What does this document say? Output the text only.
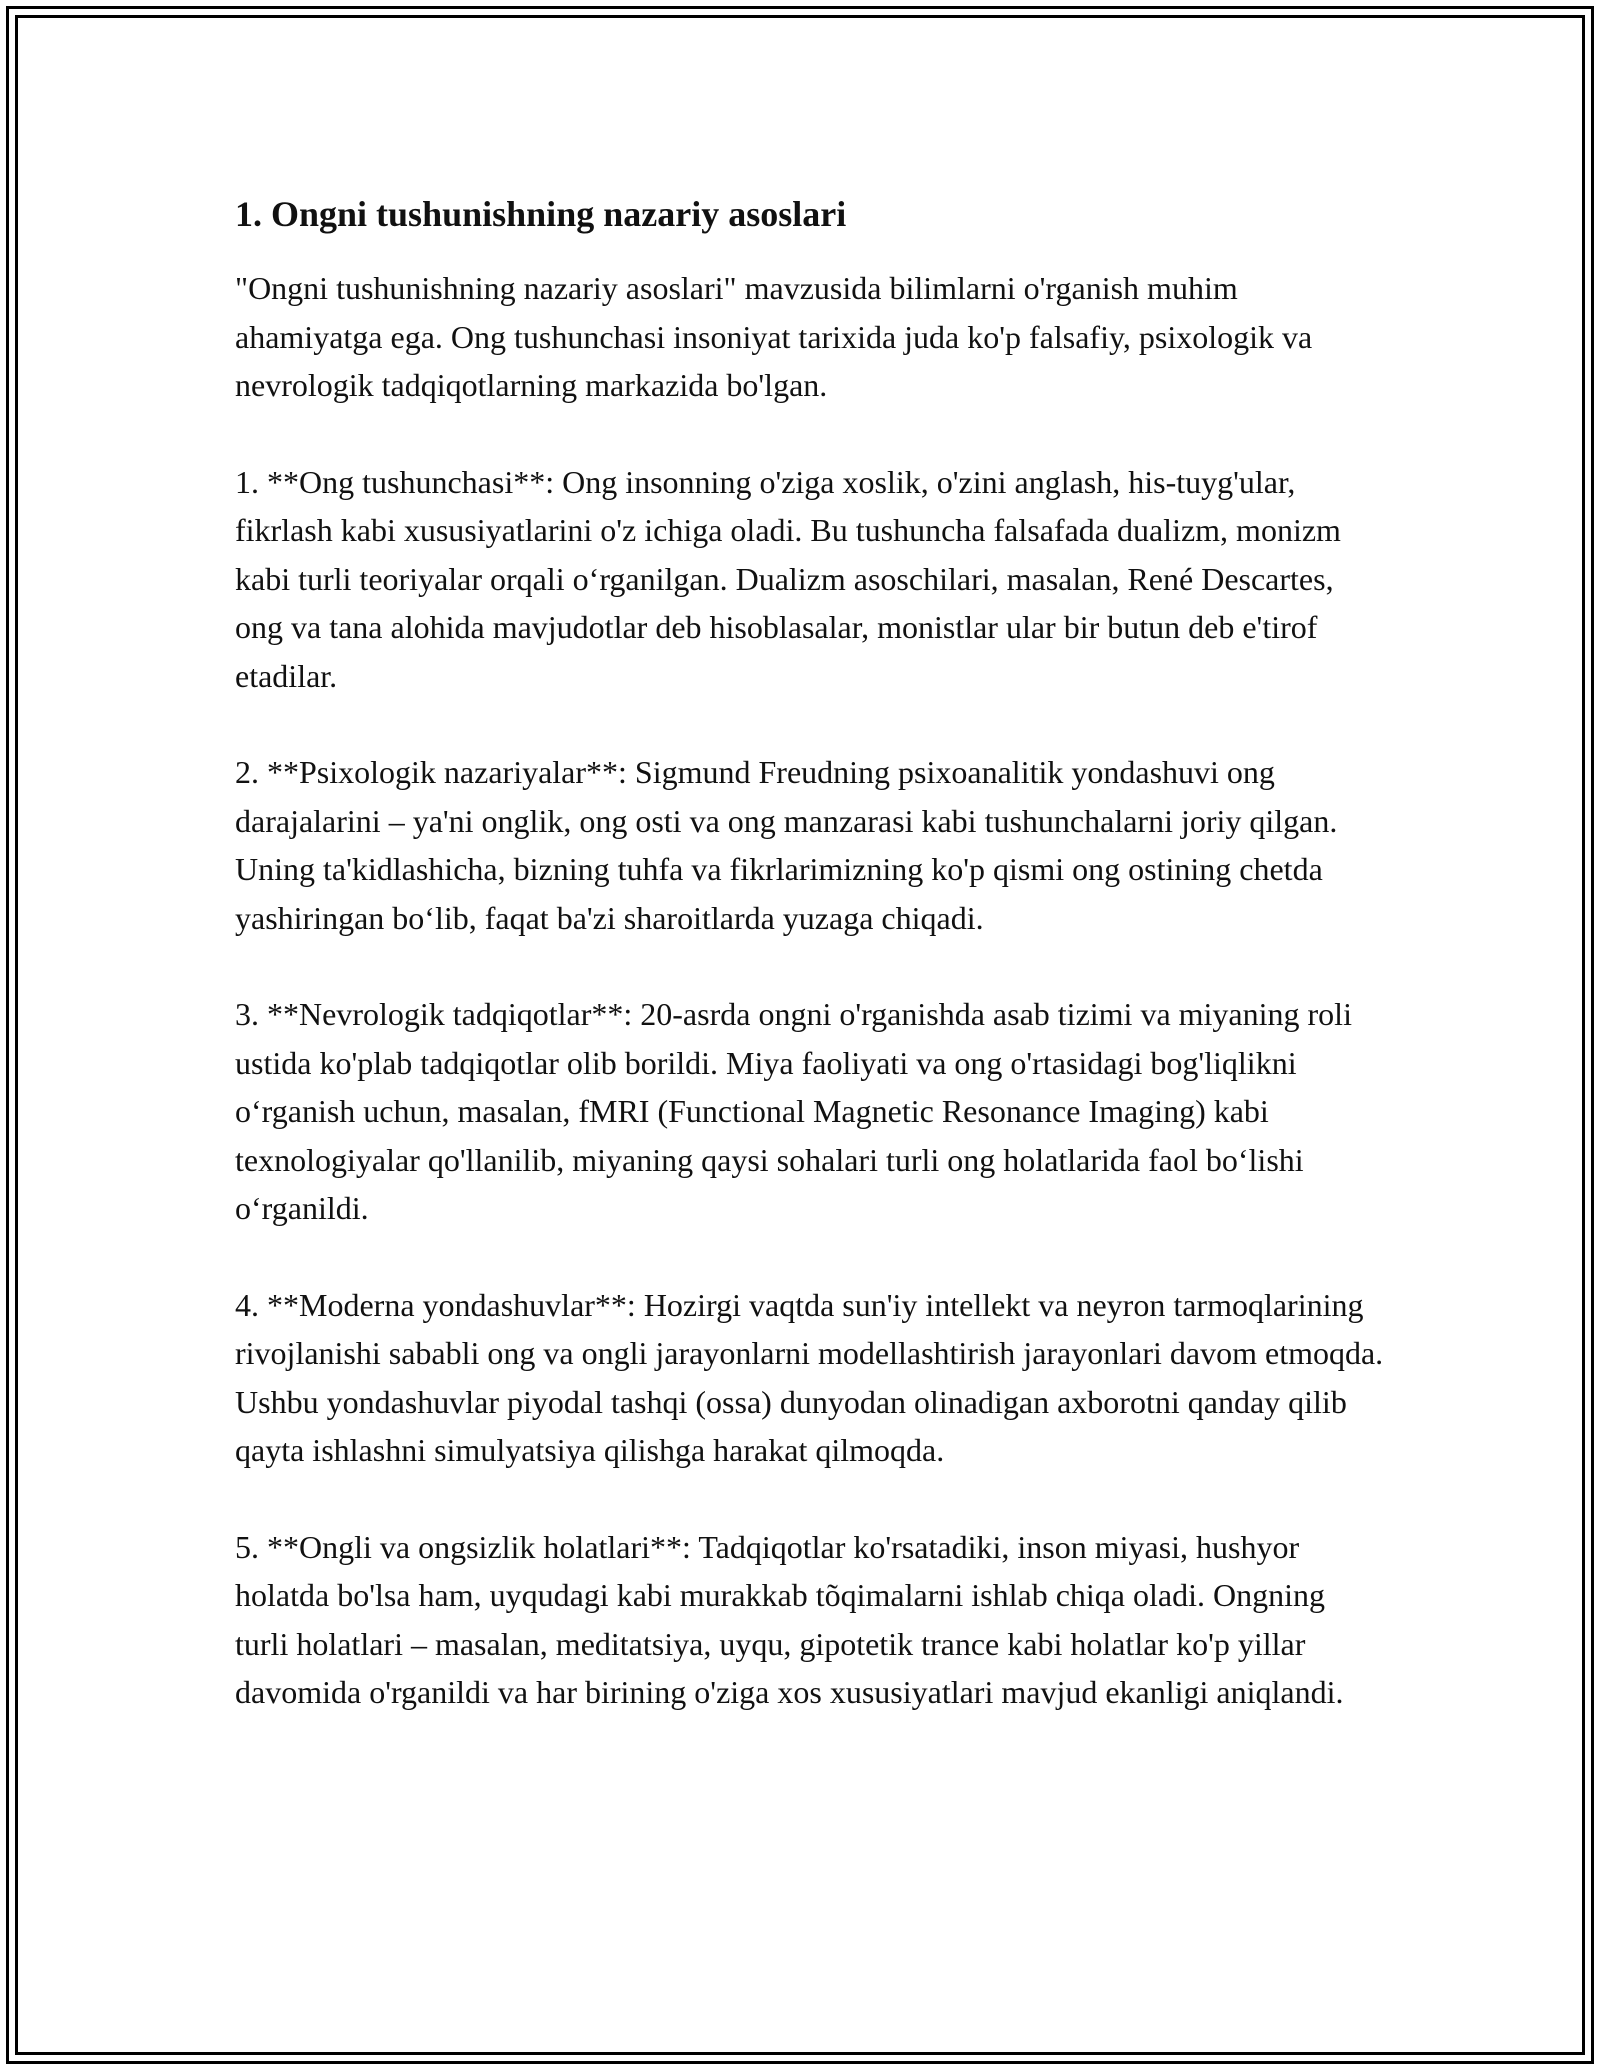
1. Ongni tushunishning nazariy asoslari

"Ongni tushunishning nazariy asoslari" mavzusida bilimlarni o'rganish muhim ahamiyatga ega. Ong tushunchasi insoniyat tarixida juda ko'p falsafiy, psixologik va nevrologik tadqiqotlarning markazida bo'lgan.

1. **Ong tushunchasi**: Ong insonning o'ziga xoslik, o'zini anglash, his-tuyg'ular, fikrlash kabi xususiyatlarini o'z ichiga oladi. Bu tushuncha falsafada dualizm, monizm kabi turli teoriyalar orqali o‘rganilgan. Dualizm asoschilari, masalan, René Descartes, ong va tana alohida mavjudotlar deb hisoblasalar, monistlar ular bir butun deb e'tirof etadilar.

2. **Psixologik nazariyalar**: Sigmund Freudning psixoanalitik yondashuvi ong darajalarini – ya'ni onglik, ong osti va ong manzarasi kabi tushunchalarni joriy qilgan. Uning ta'kidlashicha, bizning tuhfa va fikrlarimizning ko'p qismi ong ostining chetda yashiringan bo‘lib, faqat ba'zi sharoitlarda yuzaga chiqadi.

3. **Nevrologik tadqiqotlar**: 20-asrda ongni o'rganishda asab tizimi va miyaning roli ustida ko'plab tadqiqotlar olib borildi. Miya faoliyati va ong o'rtasidagi bog'liqlikni o‘rganish uchun, masalan, fMRI (Functional Magnetic Resonance Imaging) kabi texnologiyalar qo'llanilib, miyaning qaysi sohalari turli ong holatlarida faol bo‘lishi o‘rganildi.

4. **Moderna yondashuvlar**: Hozirgi vaqtda sun'iy intellekt va neyron tarmoqlarining rivojlanishi sababli ong va ongli jarayonlarni modellashtirish jarayonlari davom etmoqda. Ushbu yondashuvlar piyodal tashqi (ossa) dunyodan olinadigan axborotni qanday qilib qayta ishlashni simulyatsiya qilishga harakat qilmoqda.

5. **Ongli va ongsizlik holatlari**: Tadqiqotlar ko'rsatadiki, inson miyasi, hushyor holatda bo'lsa ham, uyqudagi kabi murakkab tõqimalarni ishlab chiqa oladi. Ongning turli holatlari – masalan, meditatsiya, uyqu, gipotetik trance kabi holatlar ko'p yillar davomida o'rganildi va har birining o'ziga xos xususiyatlari mavjud ekanligi aniqlandi.
